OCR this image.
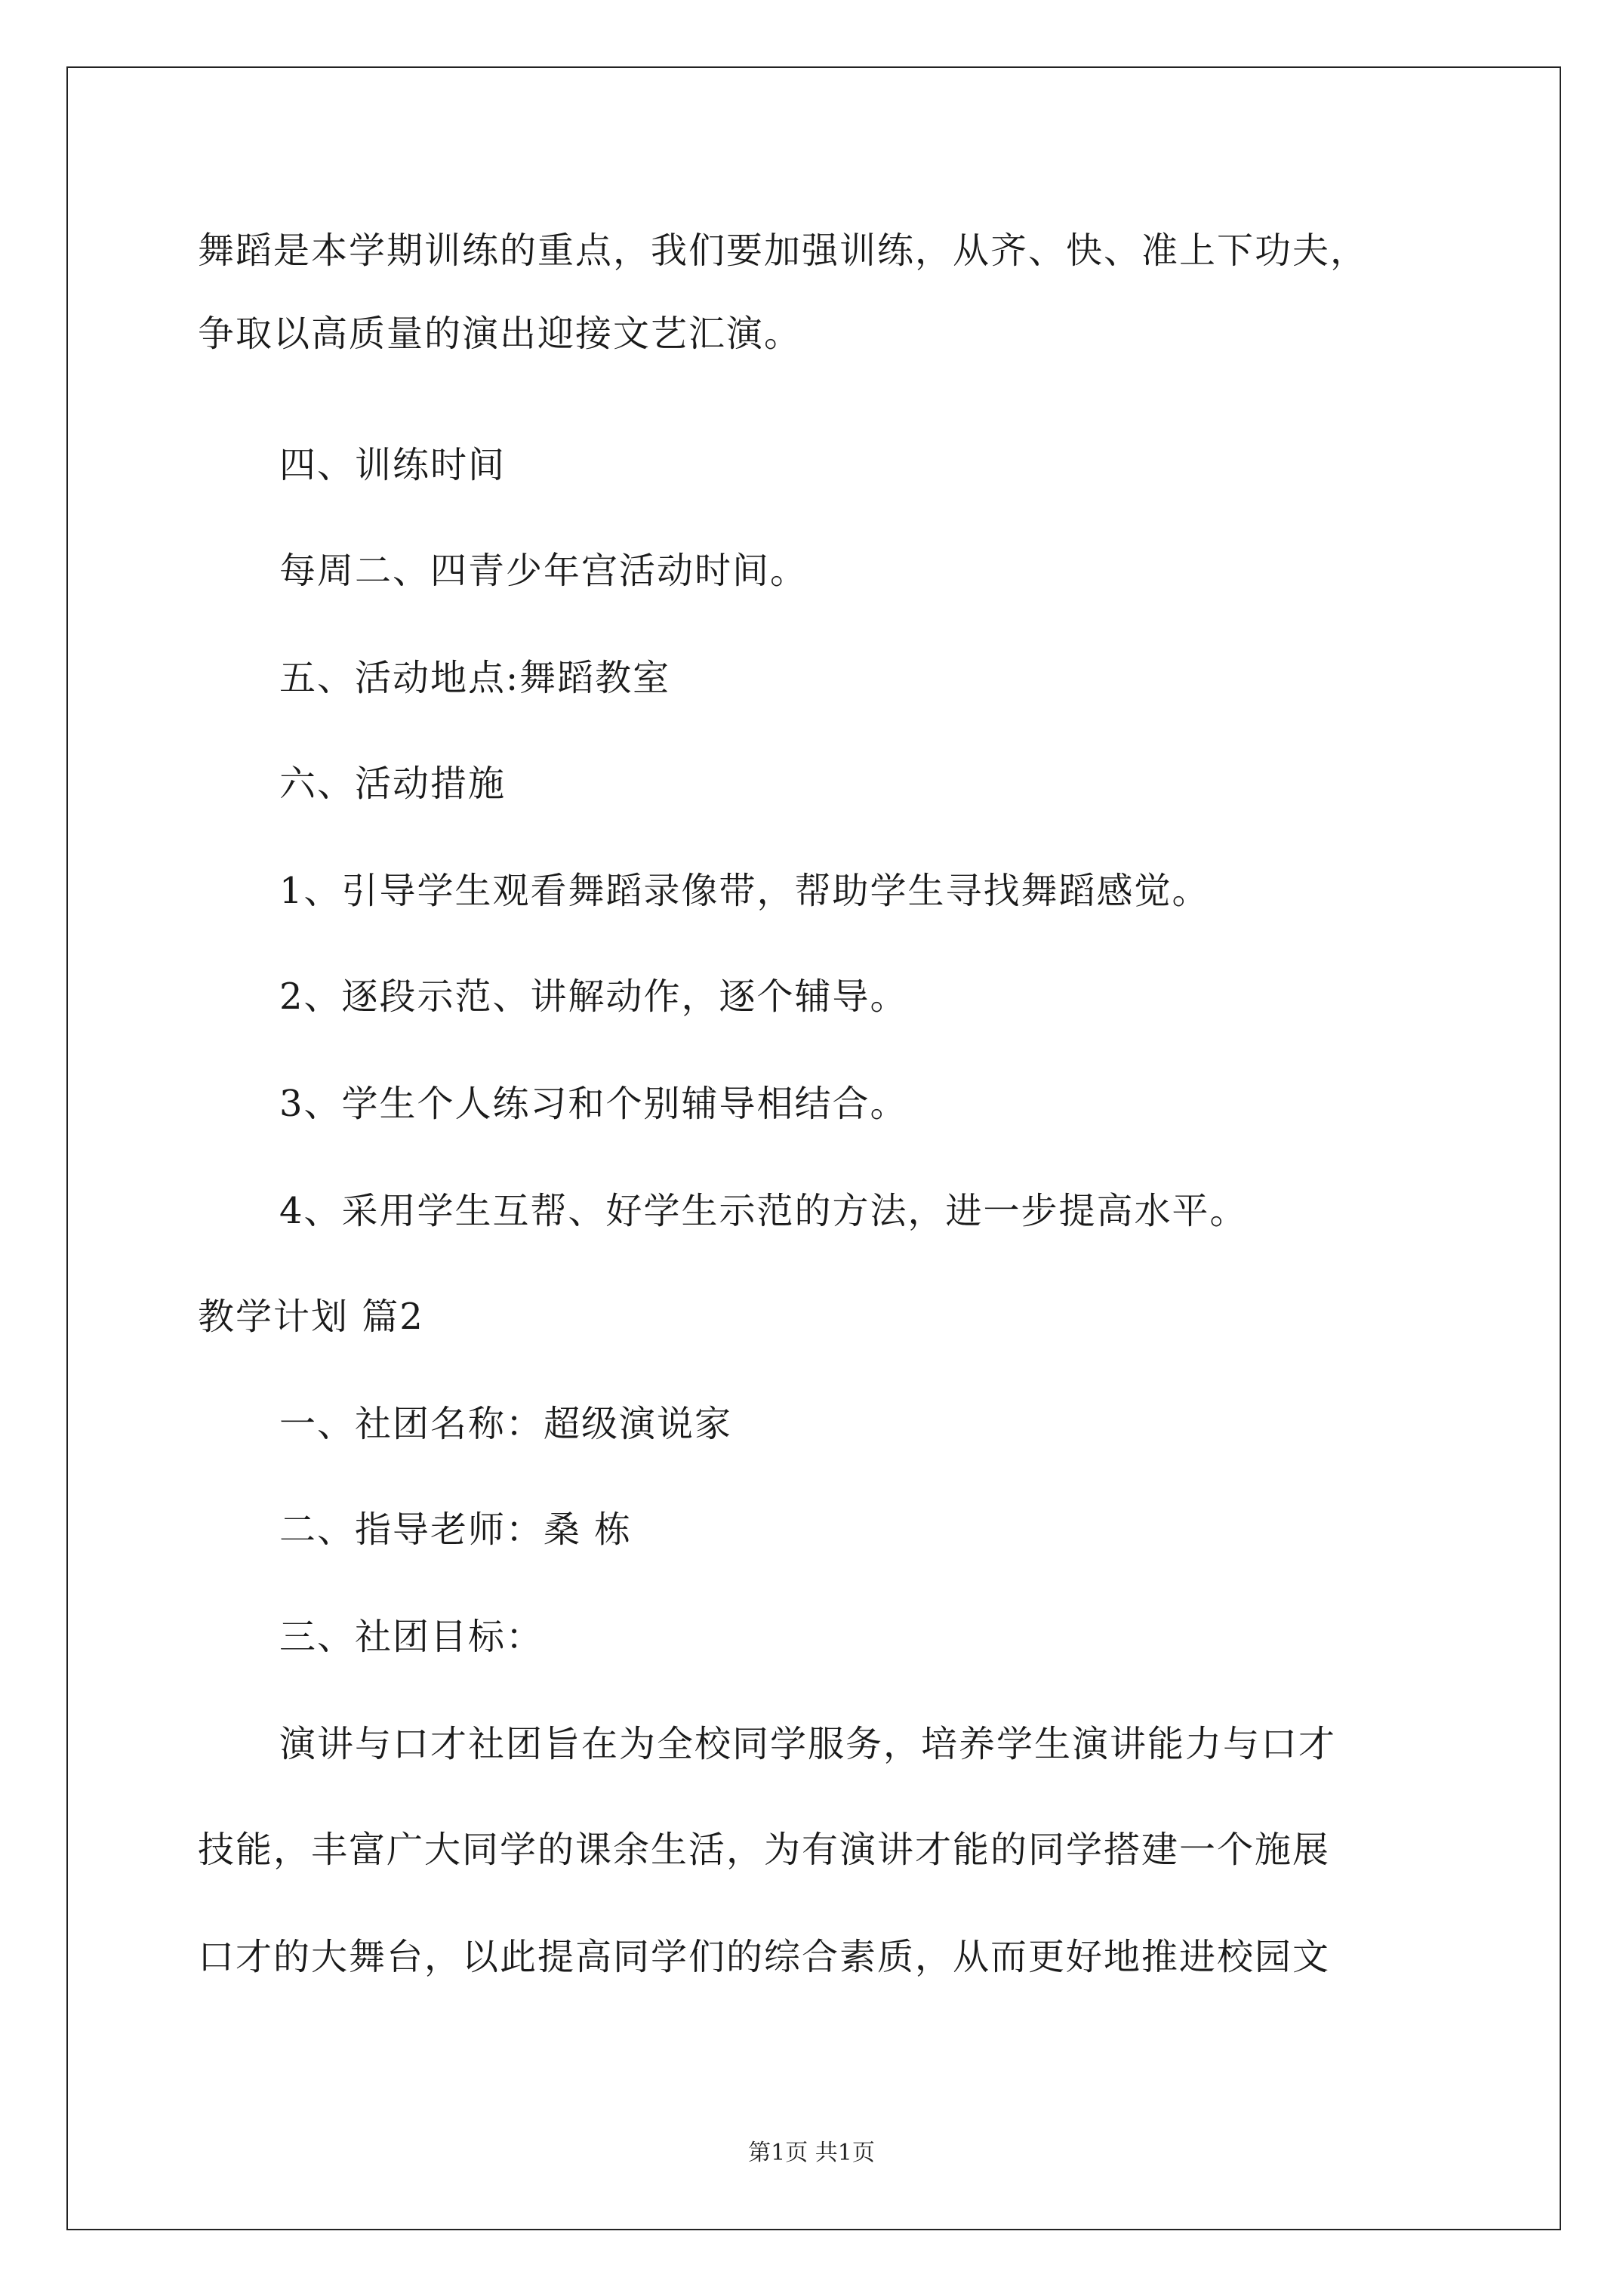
舞蹈是本学期训练的重点，我们要加强训练，从齐、快、准上下功夫，
争取以高质量的演出迎接文艺汇演。
四、训练时间
每周二、四青少年宫活动时间。
五、活动地点:舞蹈教室
六、活动措施
1、引导学生观看舞蹈录像带，帮助学生寻找舞蹈感觉。
2、逐段示范、讲解动作，逐个辅导。
3、学生个人练习和个别辅导相结合。
4、采用学生互帮、好学生示范的方法，进一步提高水平。
教学计划 篇2
一、社团名称：超级演说家
二、指导老师：桑 栋
三、社团目标：
演讲与口才社团旨在为全校同学服务，培养学生演讲能力与口才
技能，丰富广大同学的课余生活，为有演讲才能的同学搭建一个施展
口才的大舞台，以此提高同学们的综合素质，从而更好地推进校园文
第1页 共1页
